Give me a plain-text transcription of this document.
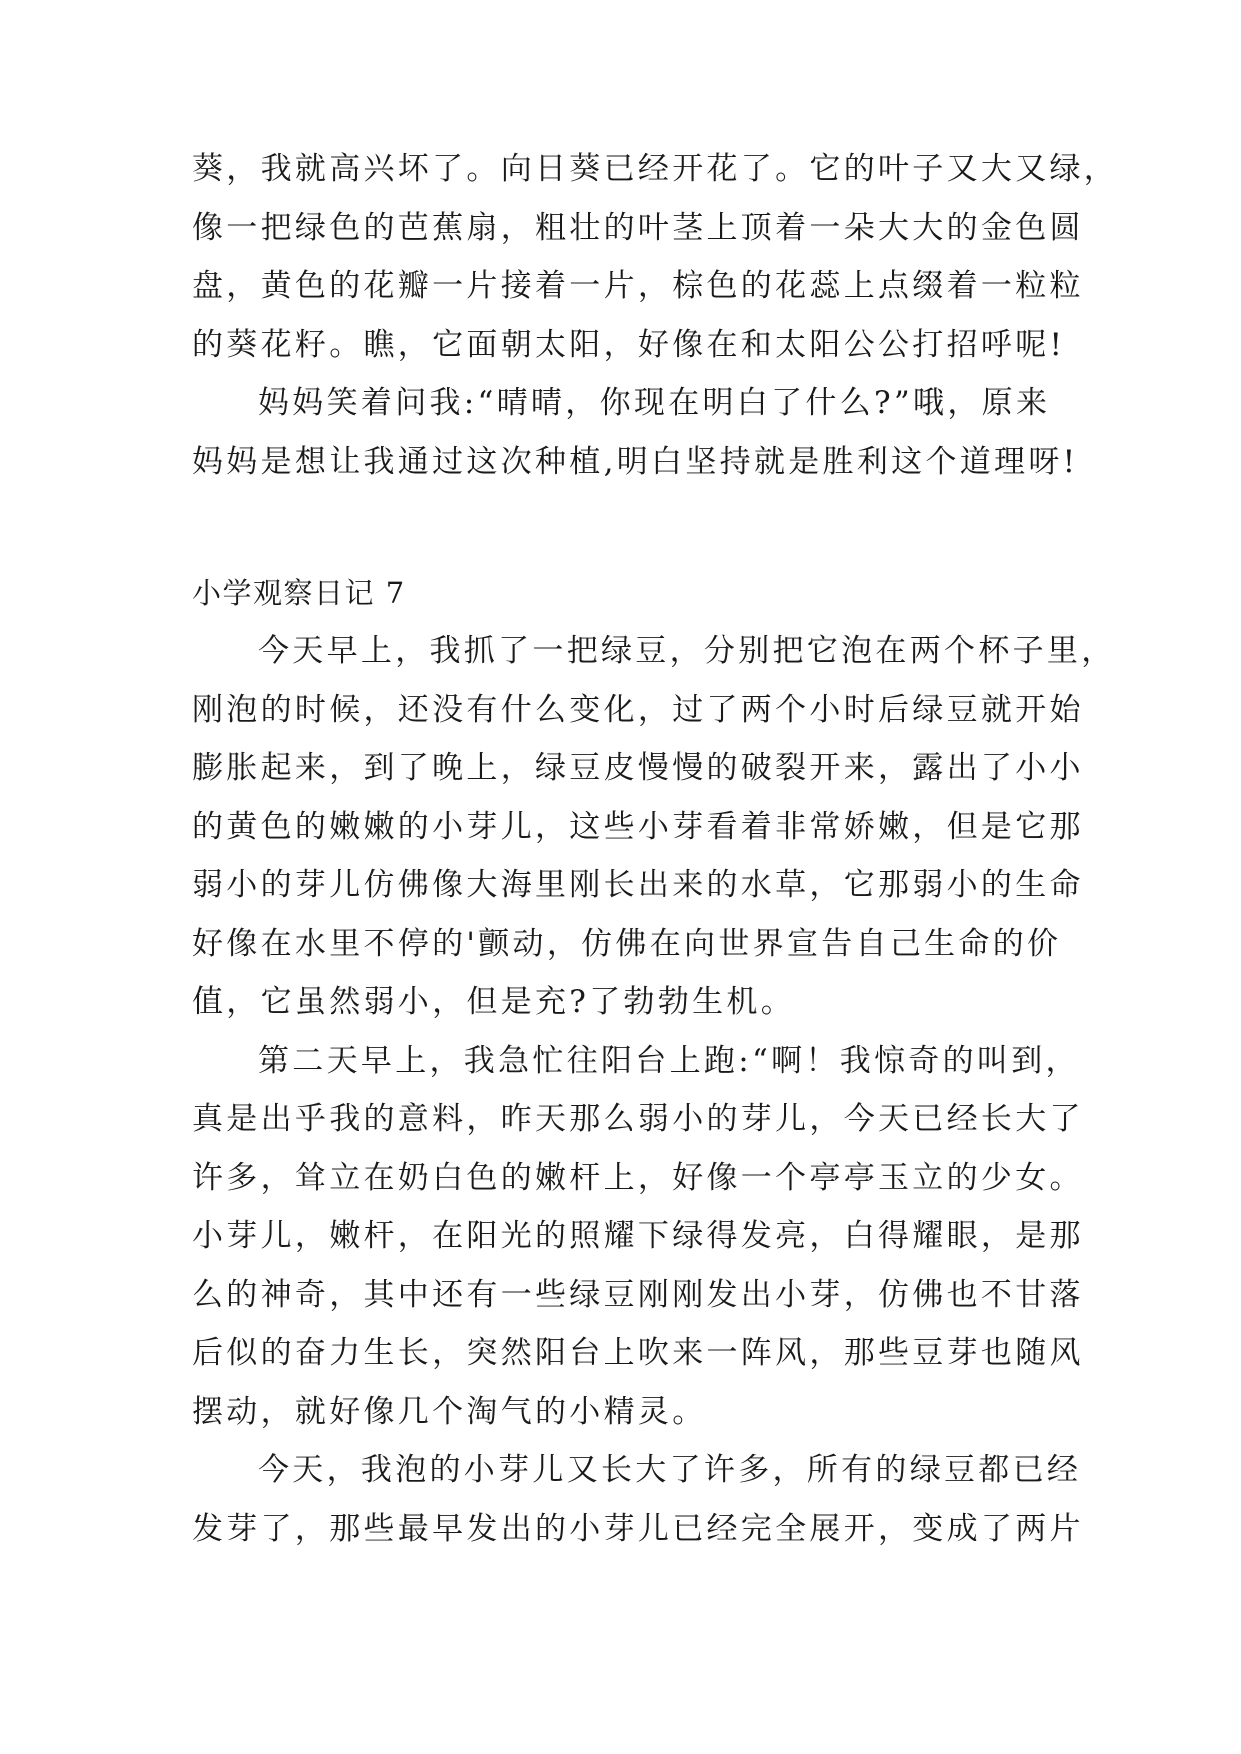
葵，我就高兴坏了。向日葵已经开花了。它的叶子又大又绿，
像一把绿色的芭蕉扇，粗壮的叶茎上顶着一朵大大的金色圆
盘，黄色的花瓣一片接着一片，棕色的花蕊上点缀着一粒粒
的葵花籽。瞧，它面朝太阳，好像在和太阳公公打招呼呢!
妈妈笑着问我:“晴晴，你现在明白了什么?”哦，原来
妈妈是想让我通过这次种植,明白坚持就是胜利这个道理呀!
小学观察日记 7
今天早上，我抓了一把绿豆，分别把它泡在两个杯子里，
刚泡的时候，还没有什么变化，过了两个小时后绿豆就开始
膨胀起来，到了晚上，绿豆皮慢慢的破裂开来，露出了小小
的黄色的嫩嫩的小芽儿，这些小芽看着非常娇嫩，但是它那
弱小的芽儿仿佛像大海里刚长出来的水草，它那弱小的生命
好像在水里不停的'颤动，仿佛在向世界宣告自己生命的价
值，它虽然弱小，但是充?了勃勃生机。
第二天早上，我急忙往阳台上跑:“啊！我惊奇的叫到，
真是出乎我的意料，昨天那么弱小的芽儿，今天已经长大了
许多，耸立在奶白色的嫩杆上，好像一个亭亭玉立的少女。
小芽儿，嫩杆，在阳光的照耀下绿得发亮，白得耀眼，是那
么的神奇，其中还有一些绿豆刚刚发出小芽，仿佛也不甘落
后似的奋力生长，突然阳台上吹来一阵风，那些豆芽也随风
摆动，就好像几个淘气的小精灵。
今天，我泡的小芽儿又长大了许多，所有的绿豆都已经
发芽了，那些最早发出的小芽儿已经完全展开，变成了两片
